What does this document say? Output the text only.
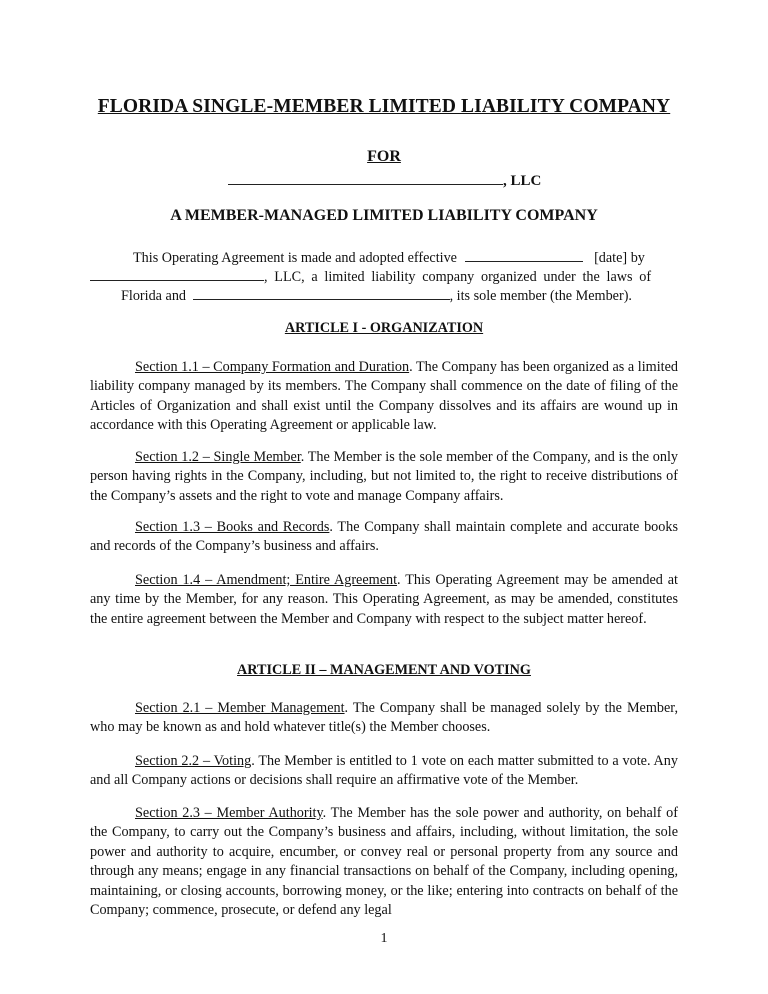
FLORIDA SINGLE-MEMBER LIMITED LIABILITY COMPANY
FOR
, LLC
A MEMBER-MANAGED LIMITED LIABILITY COMPANY
This Operating Agreement is made and adopted effective	[date] by
, LLC, a limited liability company organized under the laws of
Florida and	, its sole member (the Member).
ARTICLE I - ORGANIZATION
Section 1.1 – Company Formation and Duration. The Company has been organized as a limited liability company managed by its members. The Company shall commence on the date of filing of the Articles of Organization and shall exist until the Company dissolves and its affairs are wound up in accordance with this Operating Agreement or applicable law.
Section 1.2 – Single Member. The Member is the sole member of the Company, and is the only person having rights in the Company, including, but not limited to, the right to receive distributions of the Company’s assets and the right to vote and manage Company affairs.
Section 1.3 – Books and Records. The Company shall maintain complete and accurate books and records of the Company’s business and affairs.
Section 1.4 – Amendment; Entire Agreement. This Operating Agreement may be amended at any time by the Member, for any reason. This Operating Agreement, as may be amended, constitutes the entire agreement between the Member and Company with respect to the subject matter hereof.
ARTICLE II – MANAGEMENT AND VOTING
Section 2.1 – Member Management. The Company shall be managed solely by the Member, who may be known as and hold whatever title(s) the Member chooses.
Section 2.2 – Voting. The Member is entitled to 1 vote on each matter submitted to a vote. Any and all Company actions or decisions shall require an affirmative vote of the Member.
Section 2.3 – Member Authority. The Member has the sole power and authority, on behalf of the Company, to carry out the Company’s business and affairs, including, without limitation, the sole power and authority to acquire, encumber, or convey real or personal property from any source and through any means; engage in any financial transactions on behalf of the Company, including opening, maintaining, or closing accounts, borrowing money, or the like; entering into contracts on behalf of the Company; commence, prosecute, or defend any legal
1
